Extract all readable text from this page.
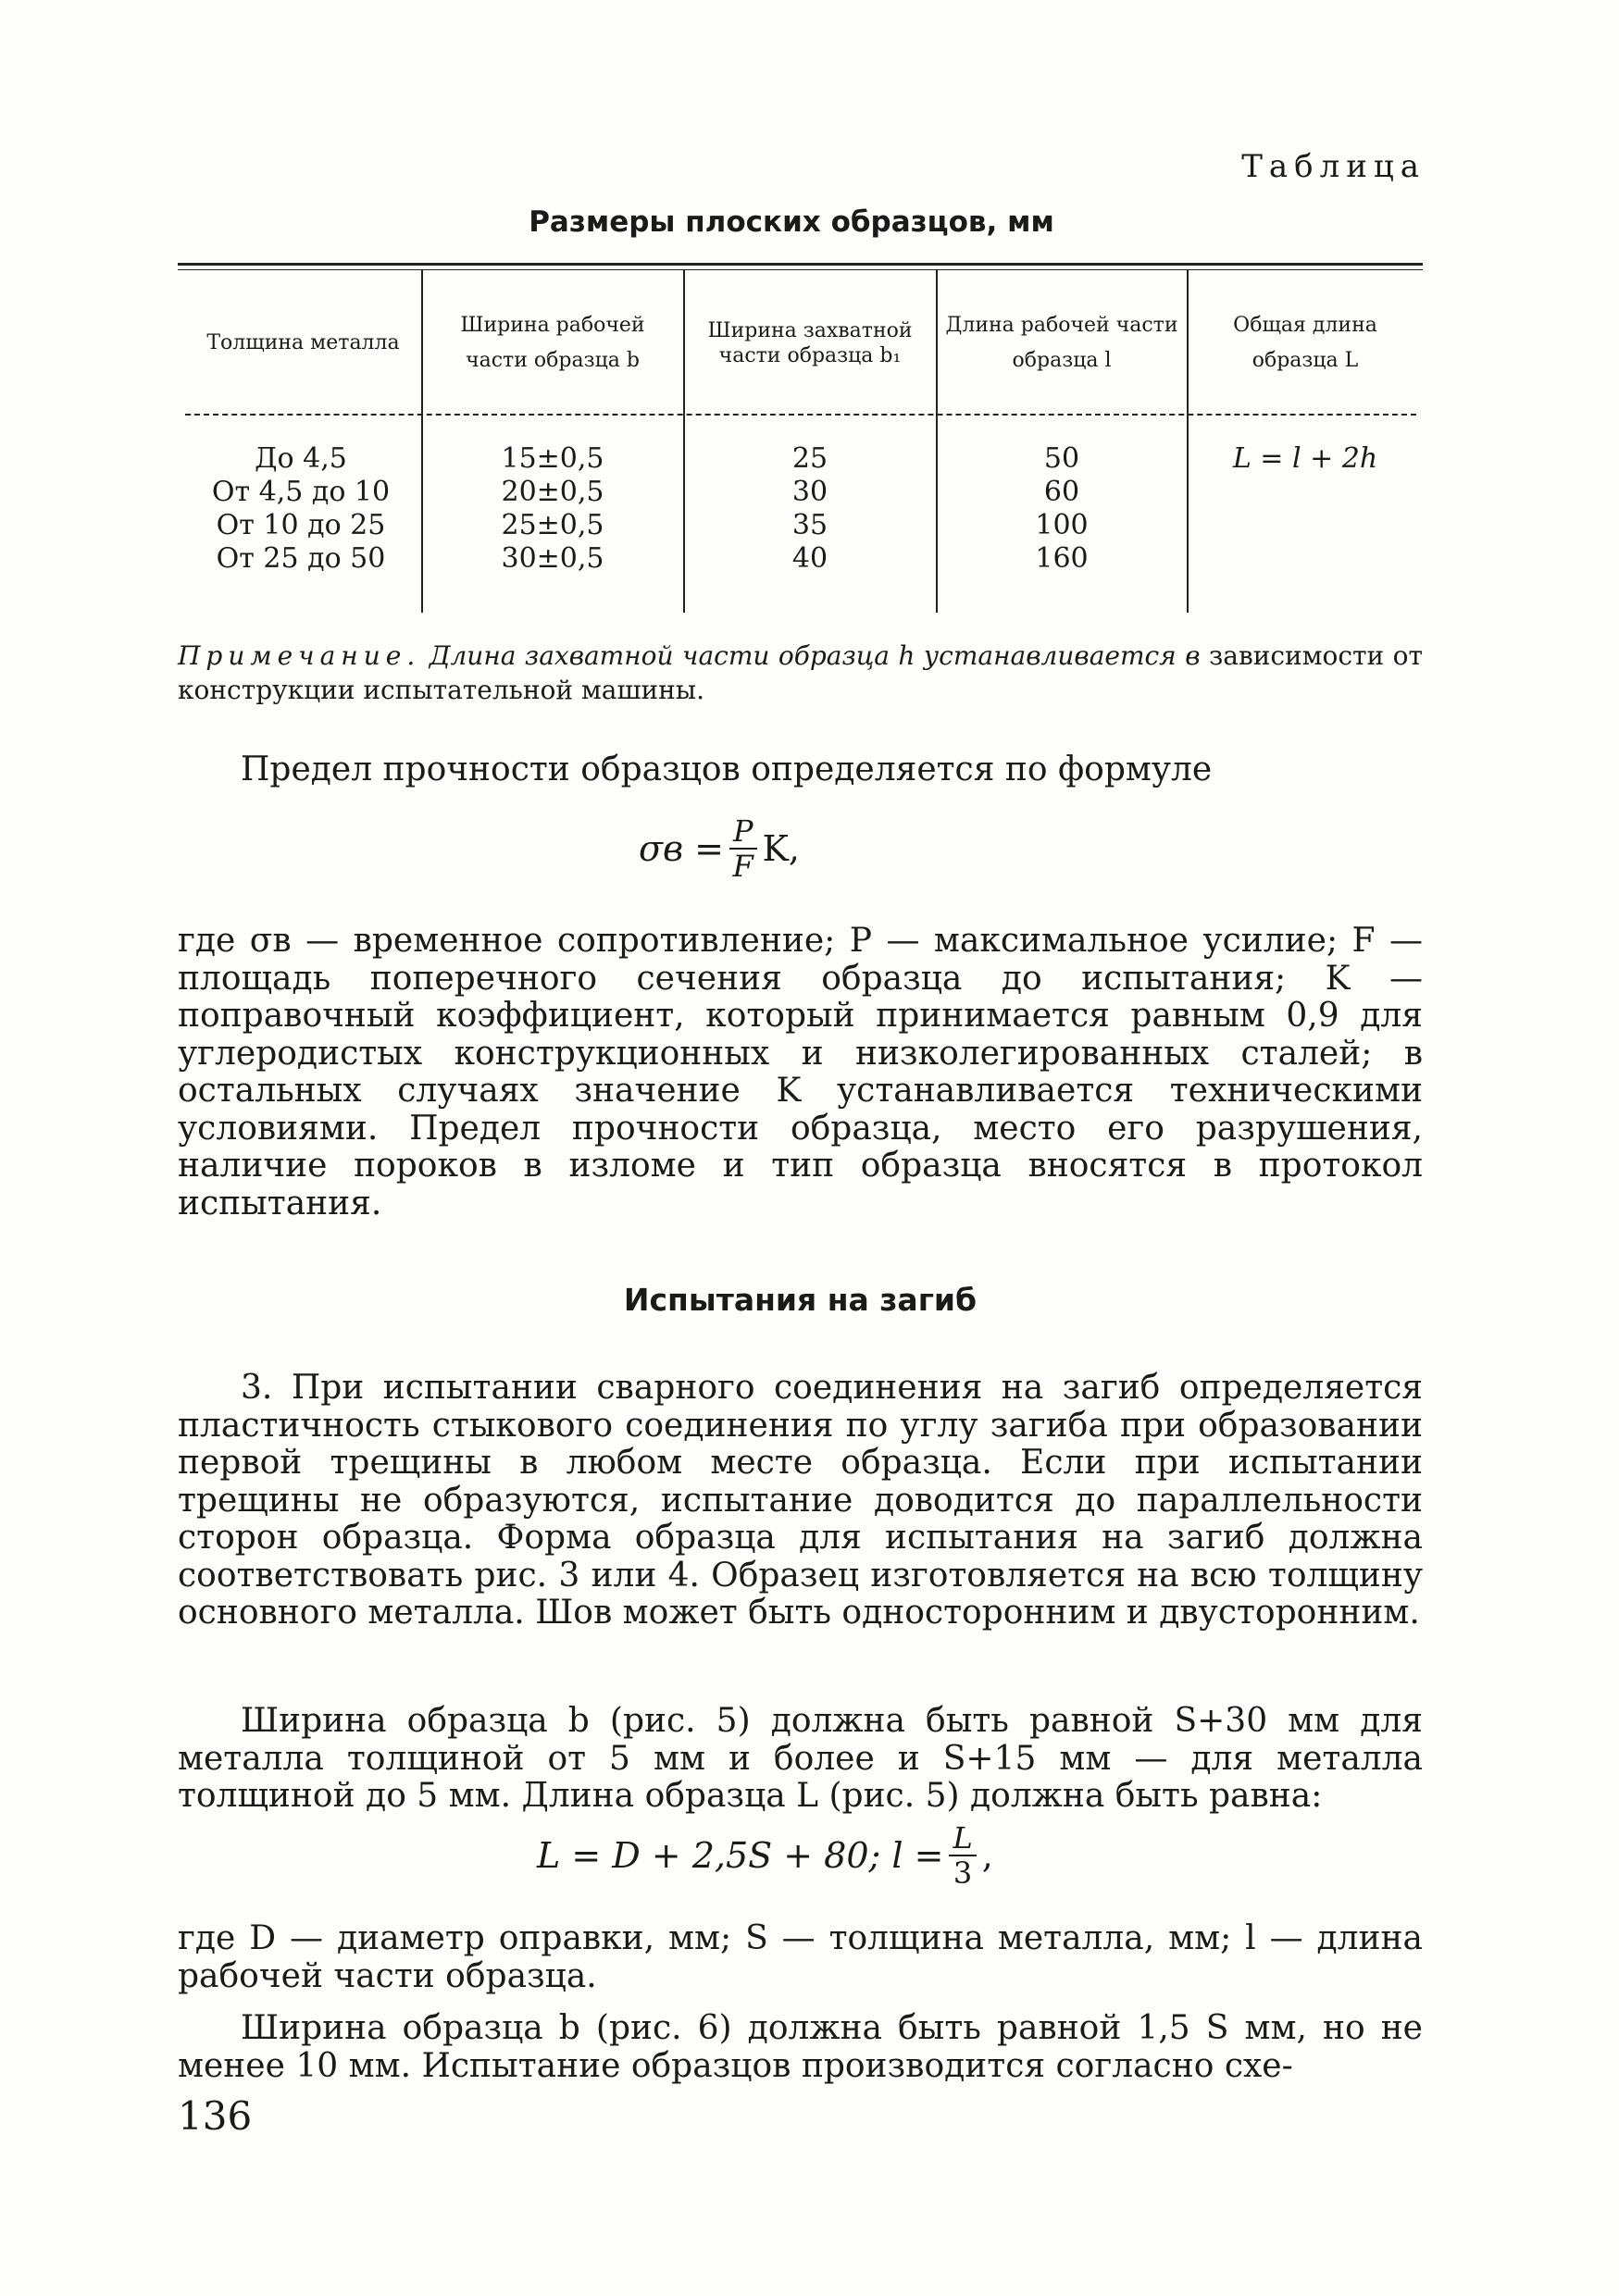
Таблица
Размеры плоских образцов, мм
Толщина металла
Ширина рабочей части образца b
Ширина захватной части образца b₁
Длина рабочей части образца l
Общая длина образца L
До 4,5
От 4,5 до 10
От 10 до 25
От 25 до 50
15±0,5
20±0,5
25±0,5
30±0,5
25
30
35
40
50
60
100
160
L = l + 2h
Примечание. Длина захватной части образца h устанавливается в зависимости от конструкции испытательной машины.
Предел прочности образцов определяется по формуле
$\sigma в = \frac{P}{F} K$,
где σв — временное сопротивление; P — максимальное усилие; F — площадь поперечного сечения образца до испытания; K — поправочный коэффициент, который принимается равным 0,9 для углеродистых конструкционных и низколегированных сталей; в остальных случаях значение K устанавливается техническими условиями. Предел прочности образца, место его разрушения, наличие пороков в изломе и тип образца вносятся в протокол испытания.
Испытания на загиб
3. При испытании сварного соединения на загиб определяется пластичность стыкового соединения по углу загиба при образовании первой трещины в любом месте образца. Если при испытании трещины не образуются, испытание доводится до параллельности сторон образца. Форма образца для испытания на загиб должна соответствовать рис. 3 или 4. Образец изготовляется на всю толщину основного металла. Шов может быть односторонним и двусторонним.
Ширина образца b (рис. 5) должна быть равной S+30 мм для металла толщиной от 5 мм и более и S+15 мм — для металла толщиной до 5 мм. Длина образца L (рис. 5) должна быть равна:
L = D + 2,5S + 80; $l = \frac{L}{3}$ ,
где D — диаметр оправки, мм; S — толщина металла, мм; l — длина рабочей части образца.
Ширина образца b (рис. 6) должна быть равной 1,5 S мм, но не менее 10 мм. Испытание образцов производится согласно схе-
136
